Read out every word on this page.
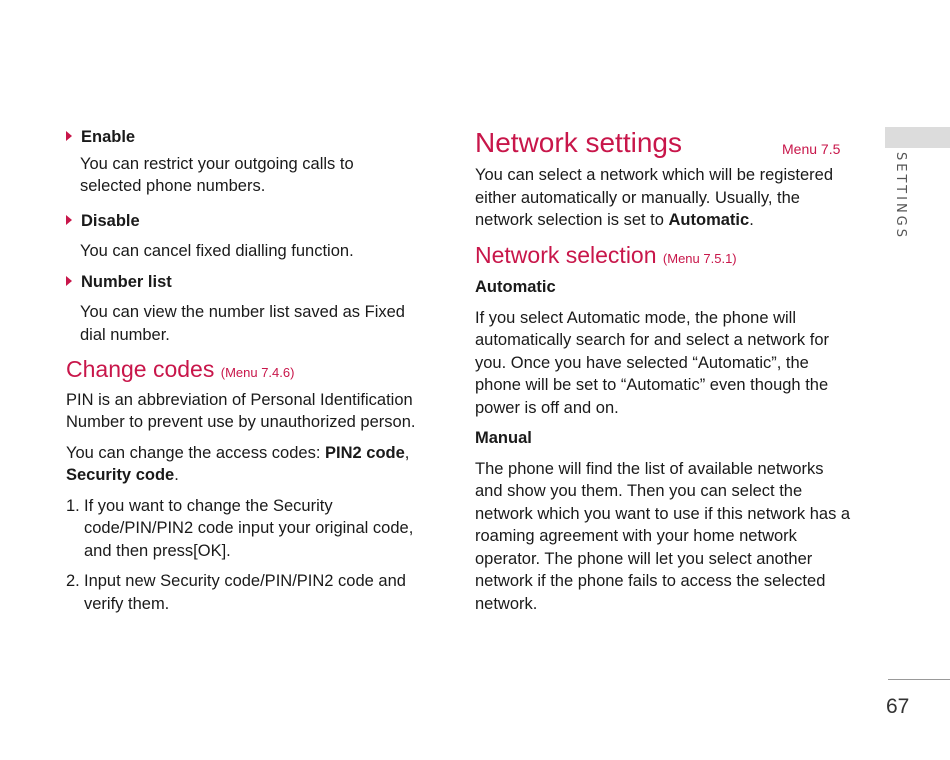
Enable

You can restrict your outgoing calls to selected phone numbers.

Disable

You can cancel fixed dialling function.

Number list

You can view the number list saved as Fixed dial number.

Change codes (Menu 7.4.6)

PIN is an abbreviation of Personal Identification Number to prevent use by unauthorized person.

You can change the access codes: PIN2 code, Security code.

1. If you want to change the Security code/PIN/PIN2 code input your original code, and then press[OK].
2. Input new Security code/PIN/PIN2 code and verify them.
Network settings	Menu 7.5

You can select a network which will be registered either automatically or manually. Usually, the network selection is set to Automatic.

Network selection (Menu 7.5.1)

Automatic

If you select Automatic mode, the phone will automatically search for and select a network for you. Once you have selected “Automatic”, the phone will be set to “Automatic” even though the power is off and on.

Manual

The phone will find the list of available networks and show you them. Then you can select the network which you want to use if this network has a roaming agreement with your home network operator. The phone will let you select another network if the phone fails to access the selected network.

SETTINGS
67
